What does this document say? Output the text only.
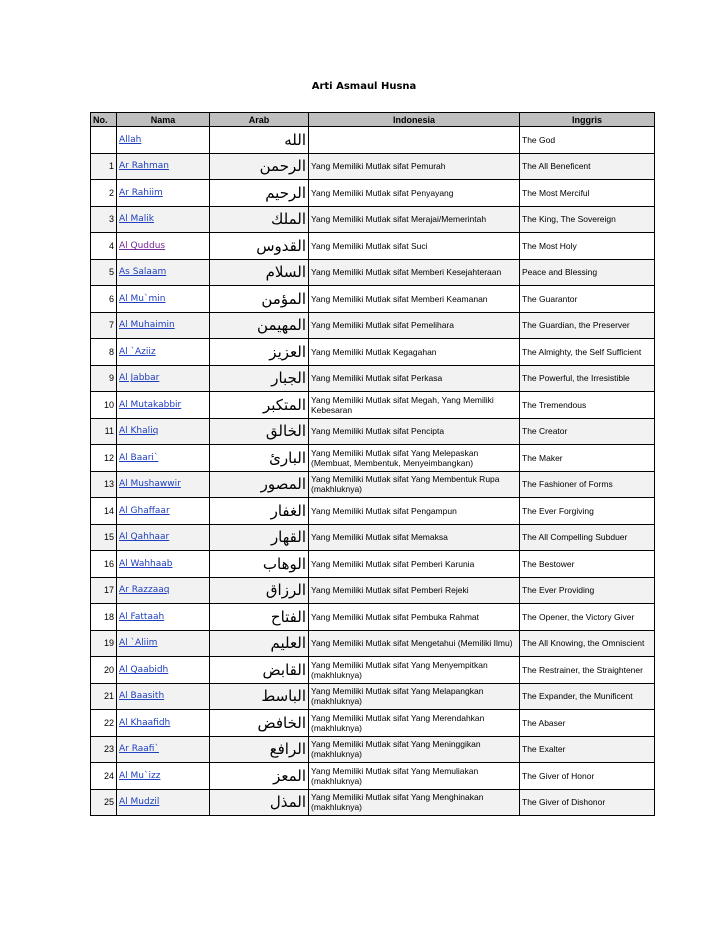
Arti Asmaul Husna
No.	Nama	Arab	Indonesia	Inggris
	Allah	الله		The God

1	Ar Rahman	الرحمن	Yang Memiliki Mutlak sifat Pemurah	The All Beneficent

2	Ar Rahiim	الرحيم	Yang Memiliki Mutlak sifat Penyayang	The Most Merciful

3	Al Malik	الملك	Yang Memiliki Mutlak sifat Merajai/Memerintah	The King, The Sovereign

4	Al Quddus	القدوس	Yang Memiliki Mutlak sifat Suci	The Most Holy

5	As Salaam	السلام	Yang Memiliki Mutlak sifat Memberi Kesejahteraan	Peace and Blessing

6	Al Mu`min	المؤمن	Yang Memiliki Mutlak sifat Memberi Keamanan	The Guarantor

7	Al Muhaimin	المهيمن	Yang Memiliki Mutlak sifat Pemelihara	The Guardian, the Preserver

8	Al `Aziiz	العزيز	Yang Memiliki Mutlak Kegagahan	The Almighty, the Self Sufficient

9	Al Jabbar	الجبار	Yang Memiliki Mutlak sifat Perkasa	The Powerful, the Irresistible

10	Al Mutakabbir	المتكبر	Yang Memiliki Mutlak sifat Megah, Yang Memiliki Kebesaran	The Tremendous

11	Al Khaliq	الخالق	Yang Memiliki Mutlak sifat Pencipta	The Creator

12	Al Baari`	البارئ	Yang Memiliki Mutlak sifat Yang Melepaskan (Membuat, Membentuk, Menyeimbangkan)	The Maker

13	Al Mushawwir	المصور	Yang Memiliki Mutlak sifat Yang Membentuk Rupa (makhluknya)	The Fashioner of Forms

14	Al Ghaffaar	الغفار	Yang Memiliki Mutlak sifat Pengampun	The Ever Forgiving

15	Al Qahhaar	القهار	Yang Memiliki Mutlak sifat Memaksa	The All Compelling Subduer

16	Al Wahhaab	الوهاب	Yang Memiliki Mutlak sifat Pemberi Karunia	The Bestower

17	Ar Razzaaq	الرزاق	Yang Memiliki Mutlak sifat Pemberi Rejeki	The Ever Providing

18	Al Fattaah	الفتاح	Yang Memiliki Mutlak sifat Pembuka Rahmat	The Opener, the Victory Giver

19	Al `Aliim	العليم	Yang Memiliki Mutlak sifat Mengetahui (Memiliki Ilmu)	The All Knowing, the Omniscient

20	Al Qaabidh	القابض	Yang Memiliki Mutlak sifat Yang Menyempitkan (makhluknya)	The Restrainer, the Straightener

21	Al Baasith	الباسط	Yang Memiliki Mutlak sifat Yang Melapangkan (makhluknya)	The Expander, the Munificent

22	Al Khaafidh	الخافض	Yang Memiliki Mutlak sifat Yang Merendahkan (makhluknya)	The Abaser

23	Ar Raafi`	الرافع	Yang Memiliki Mutlak sifat Yang Meninggikan (makhluknya)	The Exalter

24	Al Mu`izz	المعز	Yang Memiliki Mutlak sifat Yang Memuliakan (makhluknya)	The Giver of Honor

25	Al Mudzil	المذل	Yang Memiliki Mutlak sifat Yang Menghinakan (makhluknya)	The Giver of Dishonor
